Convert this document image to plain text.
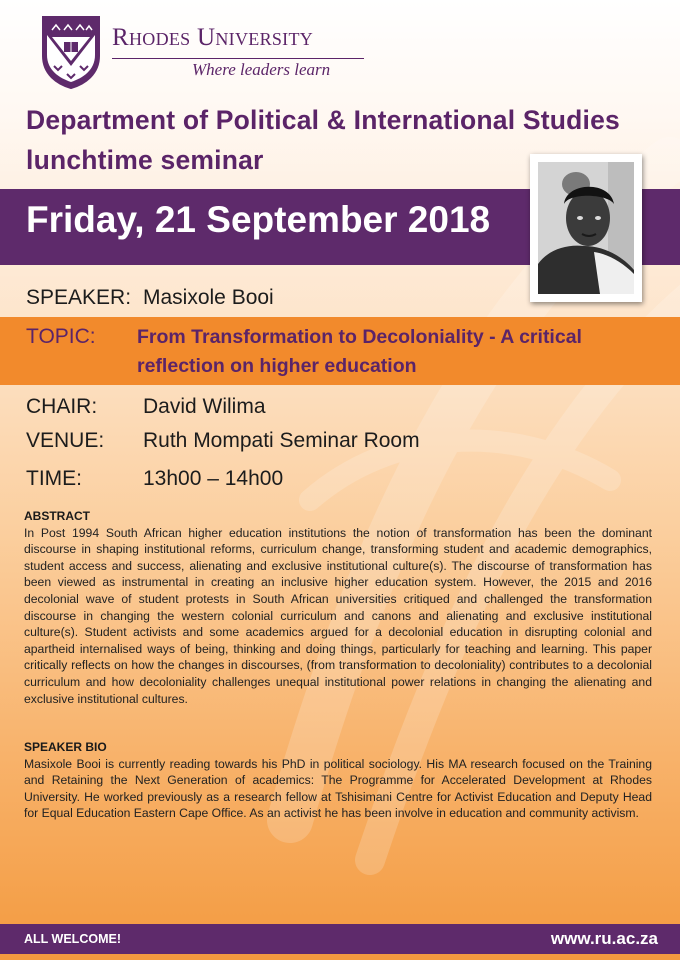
Rhodes University
Where leaders learn
Department of Political & International Studies lunchtime seminar
Friday, 21 September 2018
SPEAKER: Masixole Booi
TOPIC: From Transformation to Decoloniality - A critical reflection on higher education
CHAIR: David Wilima
VENUE: Ruth Mompati Seminar Room
TIME:	13h00 – 14h00
ABSTRACT
In Post 1994 South African higher education institutions the notion of transformation has been the dominant discourse in shaping institutional reforms, curriculum change, transforming student and academic demographics, student access and success, alienating and exclusive institutional culture(s). The discourse of transformation has been viewed as instrumental in creating an inclusive higher education system. However, the 2015 and 2016 decolonial wave of student protests in South African universities critiqued and challenged the transformation discourse in changing the western colonial curriculum and canons and alienating and exclusive institutional culture(s). Student activists and some academics argued for a decolonial education in disrupting colonial and apartheid internalised ways of being, thinking and doing things, particularly for teaching and learning. This paper critically reflects on how the changes in discourses, (from transformation to decoloniality) contributes to a decolonial curriculum and how decoloniality challenges unequal institutional power relations in changing the alienating and exclusive institutional cultures.
SPEAKER BIO
Masixole Booi is currently reading towards his PhD in political sociology. His MA research focused on the Training and Retaining the Next Generation of academics: The Programme for Accelerated Development at Rhodes University. He worked previously as a research fellow at Tshisimani Centre for Activist Education and Deputy Head for Equal Education Eastern Cape Office. As an activist he has been involve in education and community activism.
ALL WELCOME!	www.ru.ac.za
